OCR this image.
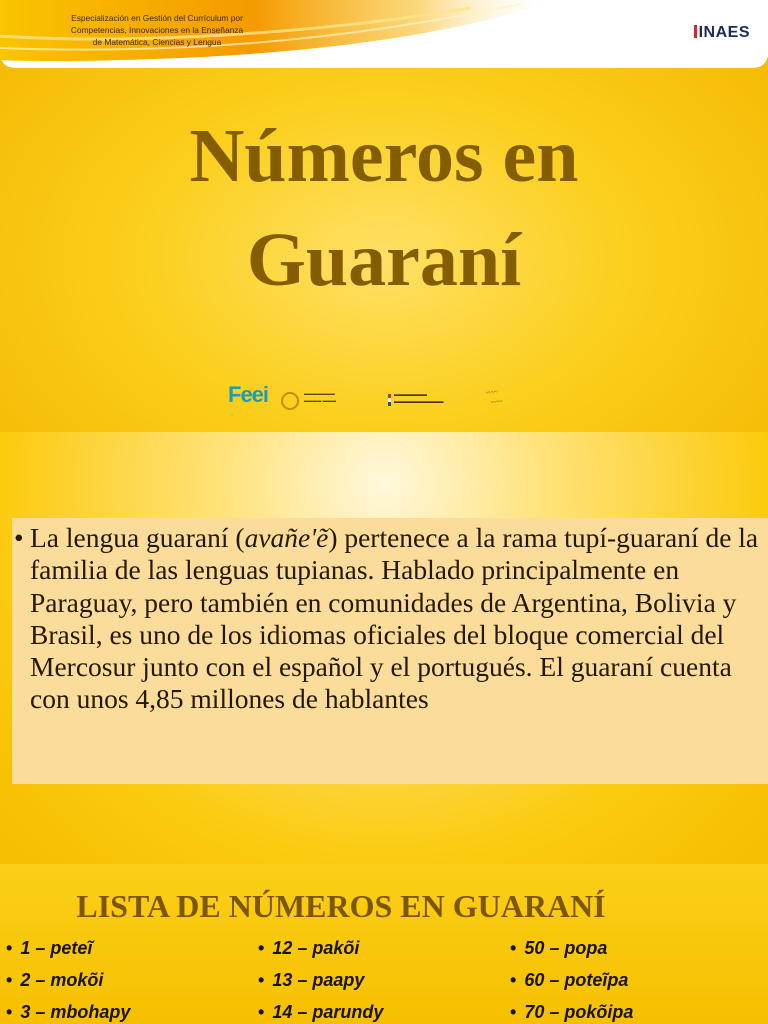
Especialización en Gestión del Currículum por
Competencias, Innovaciones en la Enseñanza
de Matemática, Ciencias y Lengua
INAES

Números en
Guaraní
Feei	▬▬▬▬▬▬▬
▬▬▬▬ ▬▬▬
▬▬▬▬▬▬
▬▬▬▬▬▬▬▬▬
〰〰
〰〰
• La lengua guaraní (avañe'ẽ) pertenece a la rama tupí-guaraní de la familia de las lenguas tupianas. Hablado principalmente en Paraguay, pero también en comunidades de Argentina, Bolivia y Brasil, es uno de los idiomas oficiales del bloque comercial del Mercosur junto con el español y el portugués. El guaraní cuenta con unos 4,85 millones de hablantes

LISTA DE NÚMEROS EN GUARANÍ
• 1 – peteĩ
• 2 – mokõi
• 3 – mbohapy
• 12 – pakõi
• 13 – paapy
• 14 – parundy
• 50 – popa
• 60 – poteĩpa
• 70 – pokõipa
